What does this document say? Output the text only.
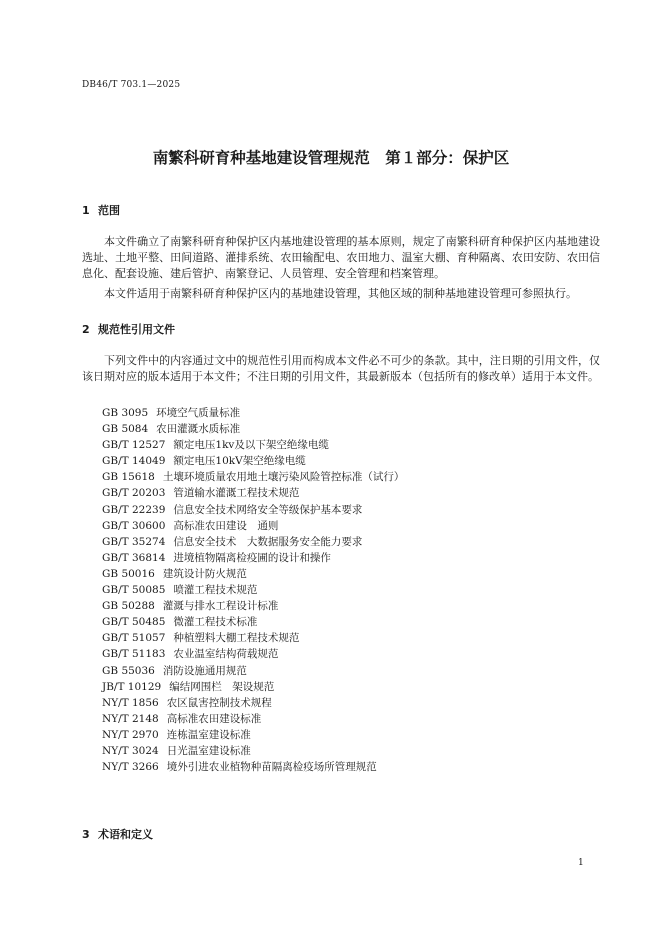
DB46/T 703.1—2025
南繁科研育种基地建设管理规范　第１部分：保护区
1 范围

本文件确立了南繁科研育种保护区内基地建设管理的基本原则，规定了南繁科研育种保护区内基地建设选址、土地平整、田间道路、灌排系统、农田输配电、农田地力、温室大棚、育种隔离、农田安防、农田信息化、配套设施、建后管护、南繁登记、人员管理、安全管理和档案管理。

本文件适用于南繁科研育种保护区内的基地建设管理，其他区域的制种基地建设管理可参照执行。

2 规范性引用文件

下列文件中的内容通过文中的规范性引用而构成本文件必不可少的条款。其中，注日期的引用文件，仅该日期对应的版本适用于本文件；不注日期的引用文件，其最新版本（包括所有的修改单）适用于本文件。

GB 3095 环境空气质量标准
GB 5084 农田灌溉水质标准
GB/T 12527 额定电压1kv及以下架空绝缘电缆
GB/T 14049 额定电压10kV架空绝缘电缆
GB 15618 土壤环境质量农用地土壤污染风险管控标准（试行）
GB/T 20203 管道输水灌溉工程技术规范
GB/T 22239 信息安全技术网络安全等级保护基本要求
GB/T 30600 高标准农田建设　通则
GB/T 35274 信息安全技术　大数据服务安全能力要求
GB/T 36814 进境植物隔离检疫圃的设计和操作
GB 50016 建筑设计防火规范
GB/T 50085 喷灌工程技术规范
GB 50288 灌溉与排水工程设计标准
GB/T 50485 微灌工程技术标准
GB/T 51057 种植塑料大棚工程技术规范
GB/T 51183 农业温室结构荷载规范
GB 55036 消防设施通用规范
JB/T 10129 编结网围栏　架设规范
NY/T 1856 农区鼠害控制技术规程
NY/T 2148 高标准农田建设标准
NY/T 2970 连栋温室建设标准
NY/T 3024 日光温室建设标准
NY/T 3266 境外引进农业植物种苗隔离检疫场所管理规范
3 术语和定义
1
